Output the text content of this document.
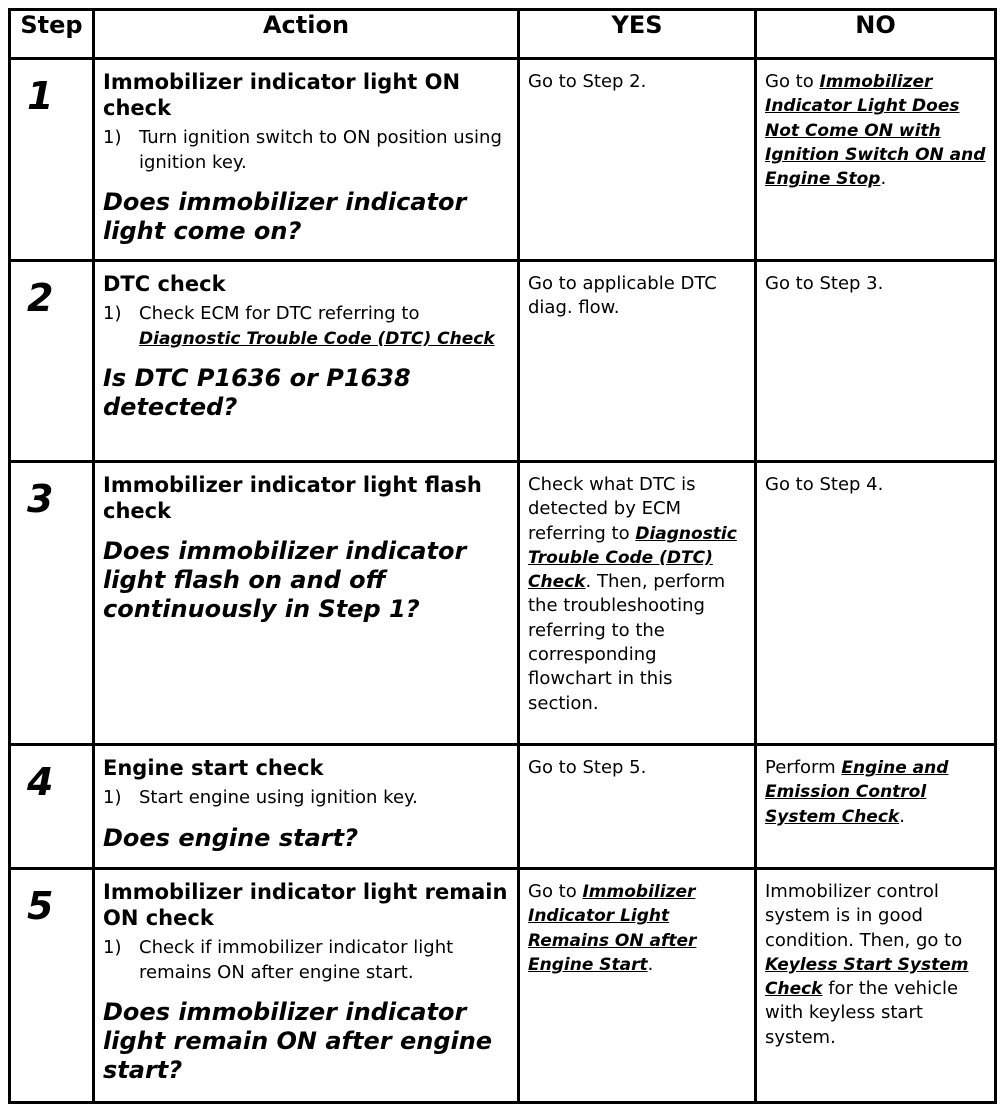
Step	Action	YES	NO
1	Immobilizer indicator light ON check
1) Turn ignition switch to ON position using ignition key.
Does immobilizer indicator light come on?	Go to Step 2.	Go to Immobilizer Indicator Light Does Not Come ON with Ignition Switch ON and Engine Stop.
2	DTC check
1) Check ECM for DTC referring to Diagnostic Trouble Code (DTC) Check
Is DTC P1636 or P1638 detected?	Go to applicable DTC diag. flow.	Go to Step 3.
3	Immobilizer indicator light flash check
Does immobilizer indicator light flash on and off continuously in Step 1?	Check what DTC is detected by ECM referring to Diagnostic Trouble Code (DTC) Check. Then, perform the troubleshooting referring to the corresponding flowchart in this section.	Go to Step 4.
4	Engine start check
1) Start engine using ignition key.
Does engine start?	Go to Step 5.	Perform Engine and Emission Control System Check.
5	Immobilizer indicator light remain ON check
1) Check if immobilizer indicator light remains ON after engine start.
Does immobilizer indicator light remain ON after engine start?	Go to Immobilizer Indicator Light Remains ON after Engine Start.	Immobilizer control system is in good condition. Then, go to Keyless Start System Check for the vehicle with keyless start system.
